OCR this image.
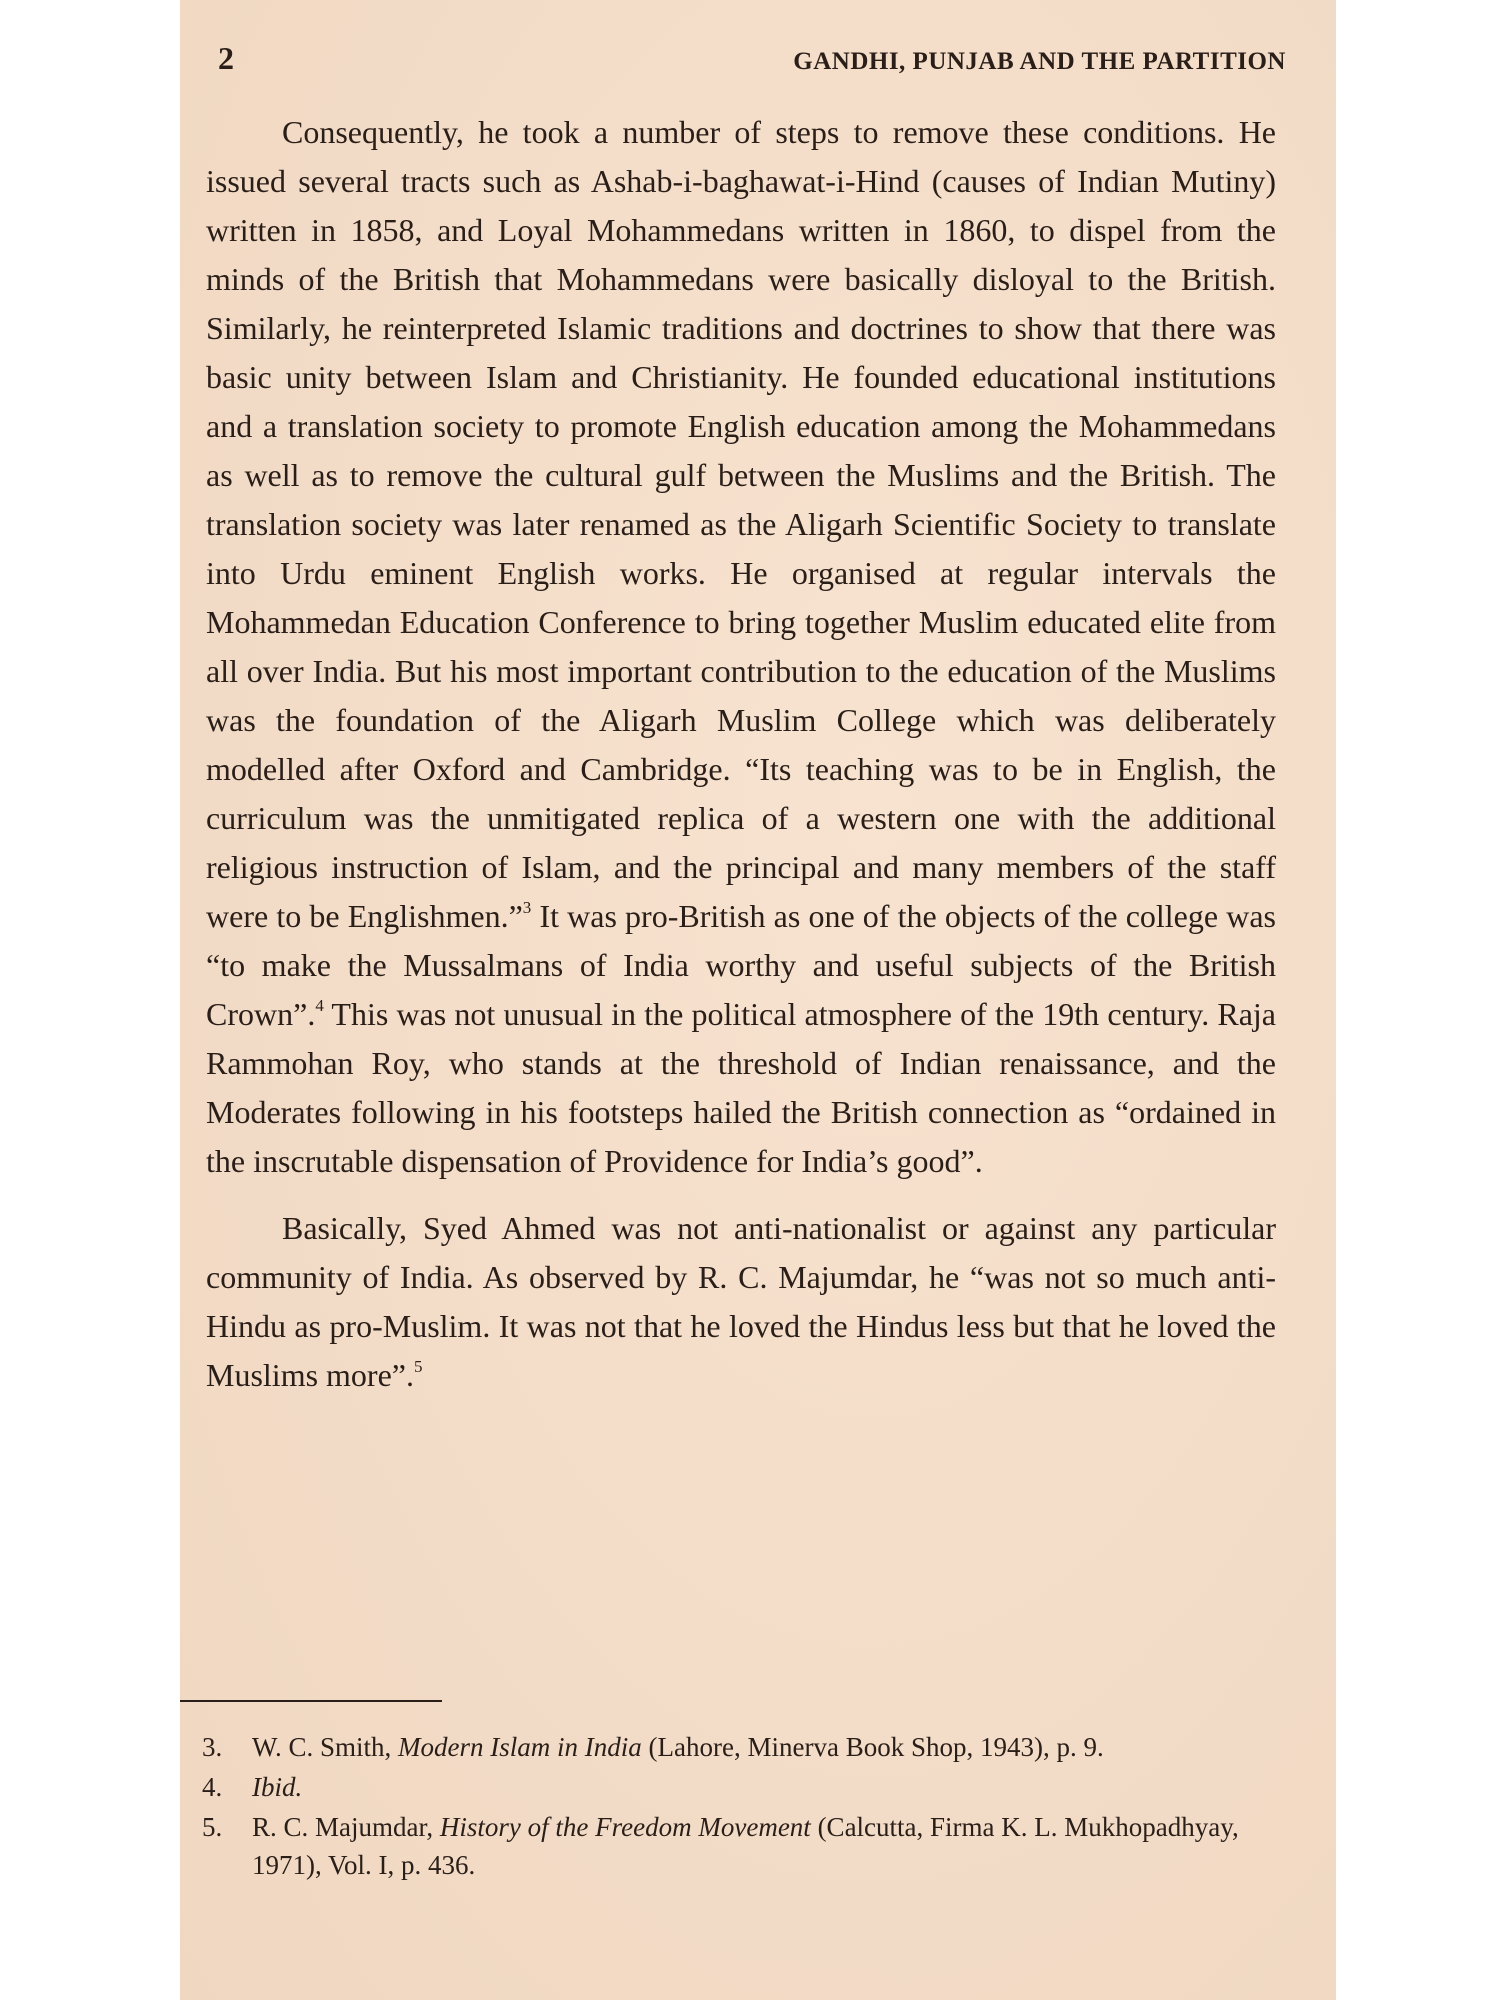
2	GANDHI, PUNJAB AND THE PARTITION

Consequently, he took a number of steps to remove these conditions. He issued several tracts such as Ashab-i-baghawat-i-Hind (causes of Indian Mutiny) written in 1858, and Loyal Mohammedans written in 1860, to dispel from the minds of the British that Mohammedans were basically disloyal to the British. Similarly, he reinterpreted Islamic traditions and doctrines to show that there was basic unity between Islam and Christianity. He founded educational institutions and a translation society to promote English education among the Mohammedans as well as to remove the cultural gulf between the Muslims and the British. The translation society was later renamed as the Aligarh Scientific Society to translate into Urdu eminent English works. He organised at regular intervals the Mohammedan Education Conference to bring together Muslim educated elite from all over India. But his most important contribution to the education of the Muslims was the foundation of the Aligarh Muslim College which was deliberately modelled after Oxford and Cambridge. “Its teaching was to be in English, the curriculum was the unmitigated replica of a western one with the additional religious instruction of Islam, and the principal and many members of the staff were to be Englishmen.”$^3$ It was pro-British as one of the objects of the college was “to make the Mussalmans of India worthy and useful subjects of the British Crown”.$^4$ This was not unusual in the political atmosphere of the 19th century. Raja Rammohan Roy, who stands at the threshold of Indian renaissance, and the Moderates following in his footsteps hailed the British connection as “ordained in the inscrutable dispensation of Providence for India’s good”.

Basically, Syed Ahmed was not anti-nationalist or against any particular community of India. As observed by R. C. Majumdar, he “was not so much anti-Hindu as pro-Muslim. It was not that he loved the Hindus less but that he loved the Muslims more”.$^5$

3.	W. C. Smith, Modern Islam in India (Lahore, Minerva Book Shop, 1943), p. 9.
4.	Ibid.
5.	R. C. Majumdar, History of the Freedom Movement (Calcutta, Firma K. L. Mukhopadhyay, 1971), Vol. I, p. 436.
